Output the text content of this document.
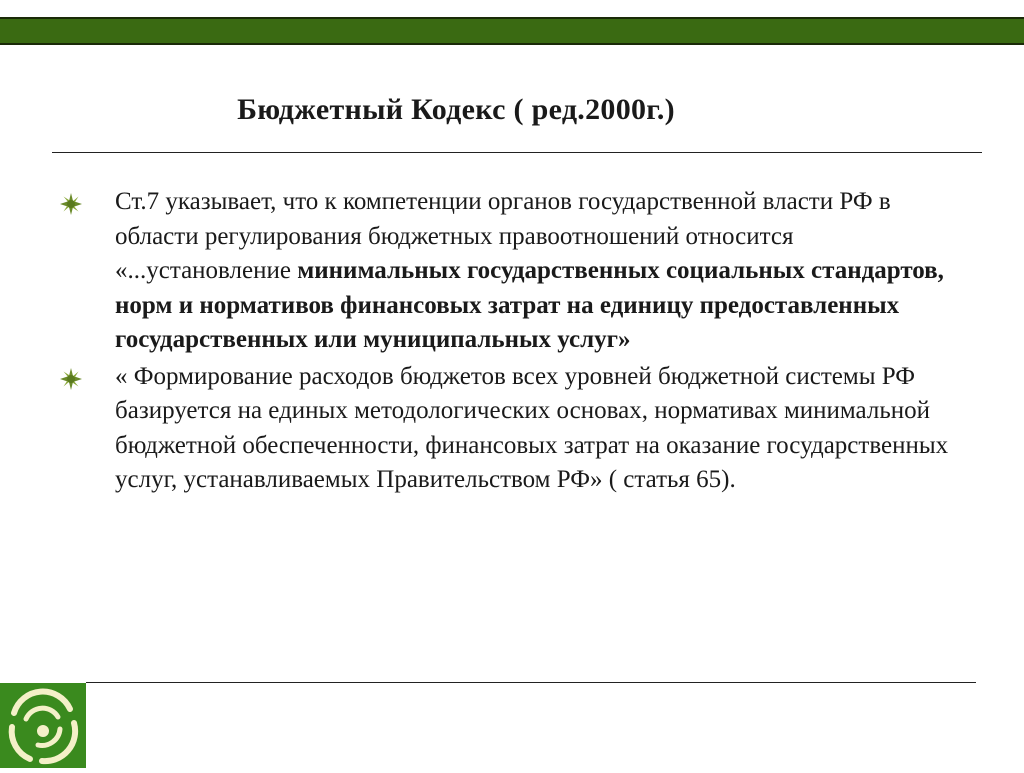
Бюджетный Кодекс ( ред.2000г.)
Ст.7 указывает, что к компетенции органов государственной власти РФ в области регулирования бюджетных правоотношений относится «...установление минимальных государственных социальных стандартов, норм и нормативов финансовых затрат на единицу предоставленных государственных или муниципальных услуг»
« Формирование расходов бюджетов всех уровней бюджетной системы РФ базируется на единых методологических основах, нормативах минимальной бюджетной обеспеченности, финансовых затрат на оказание государственных услуг, устанавливаемых Правительством РФ» ( статья 65).
